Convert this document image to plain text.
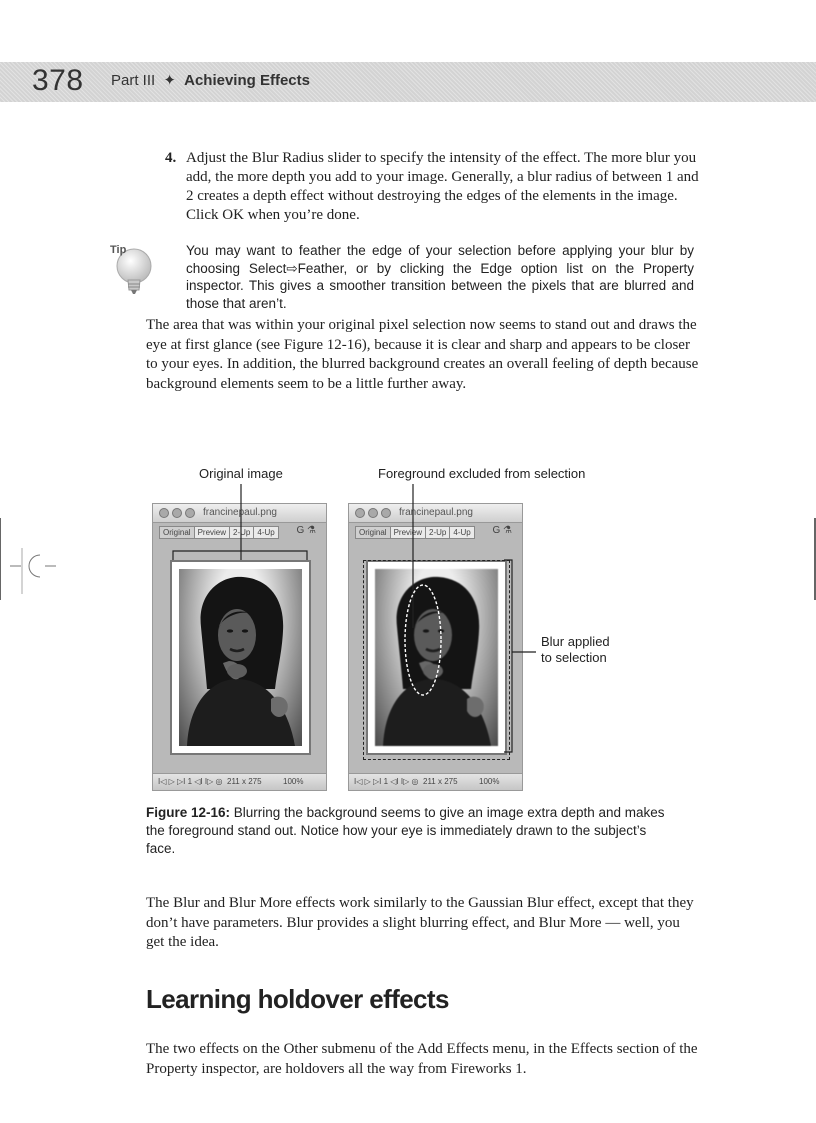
378 Part III ✦ Achieving Effects
4. Adjust the Blur Radius slider to specify the intensity of the effect. The more blur you add, the more depth you add to your image. Generally, a blur radius of between 1 and 2 creates a depth effect without destroying the edges of the elements in the image. Click OK when you’re done.
Tip	You may want to feather the edge of your selection before applying your blur by choosing Select⇨Feather, or by clicking the Edge option list on the Property inspector. This gives a smoother transition between the pixels that are blurred and those that aren’t.
The area that was within your original pixel selection now seems to stand out and draws the eye at first glance (see Figure 12-16), because it is clear and sharp and appears to be closer to your eyes. In addition, the blurred background creates an overall feeling of depth because background elements seem to be a little further away.
Original image	Foreground excluded from selection
Blur applied
to selection
francinepaul.png
Original Preview 2-Up 4-Up	G ⚗
I◁ ▷ ▷I 1 ◁I I▷ ◎ 211 x 275	100%
francinepaul.png
Original Preview 2-Up 4-Up	G ⚗
I◁ ▷ ▷I 1 ◁I I▷ ◎ 211 x 275	100%
Figure 12-16: Blurring the background seems to give an image extra depth and makes the foreground stand out. Notice how your eye is immediately drawn to the subject’s face.
The Blur and Blur More effects work similarly to the Gaussian Blur effect, except that they don’t have parameters. Blur provides a slight blurring effect, and Blur More — well, you get the idea.
Learning holdover effects
The two effects on the Other submenu of the Add Effects menu, in the Effects section of the Property inspector, are holdovers all the way from Fireworks 1.
